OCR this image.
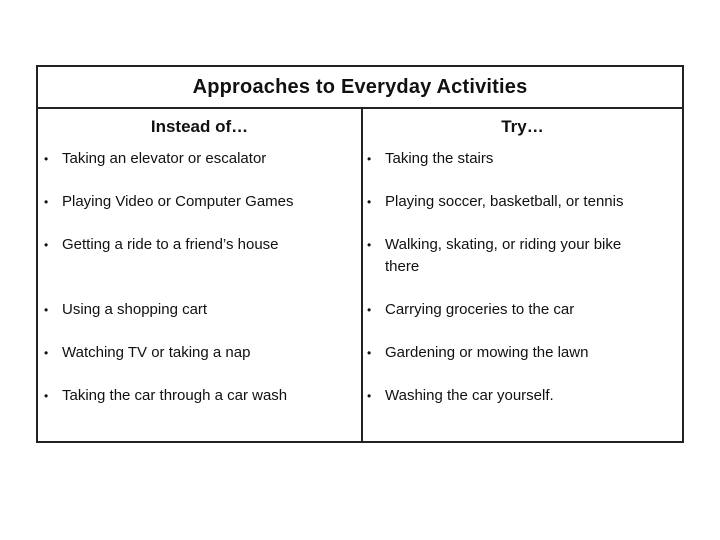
Approaches to Everyday Activities
Instead of…	Try…
• Taking an elevator or escalator	• Taking the stairs
• Playing Video or Computer Games	• Playing soccer, basketball, or tennis
• Getting a ride to a friend’s house	• Walking, skating, or riding your bike there
• Using a shopping cart	• Carrying groceries to the car
• Watching TV or taking a nap	• Gardening or mowing the lawn
• Taking the car through a car wash	• Washing the car yourself.
